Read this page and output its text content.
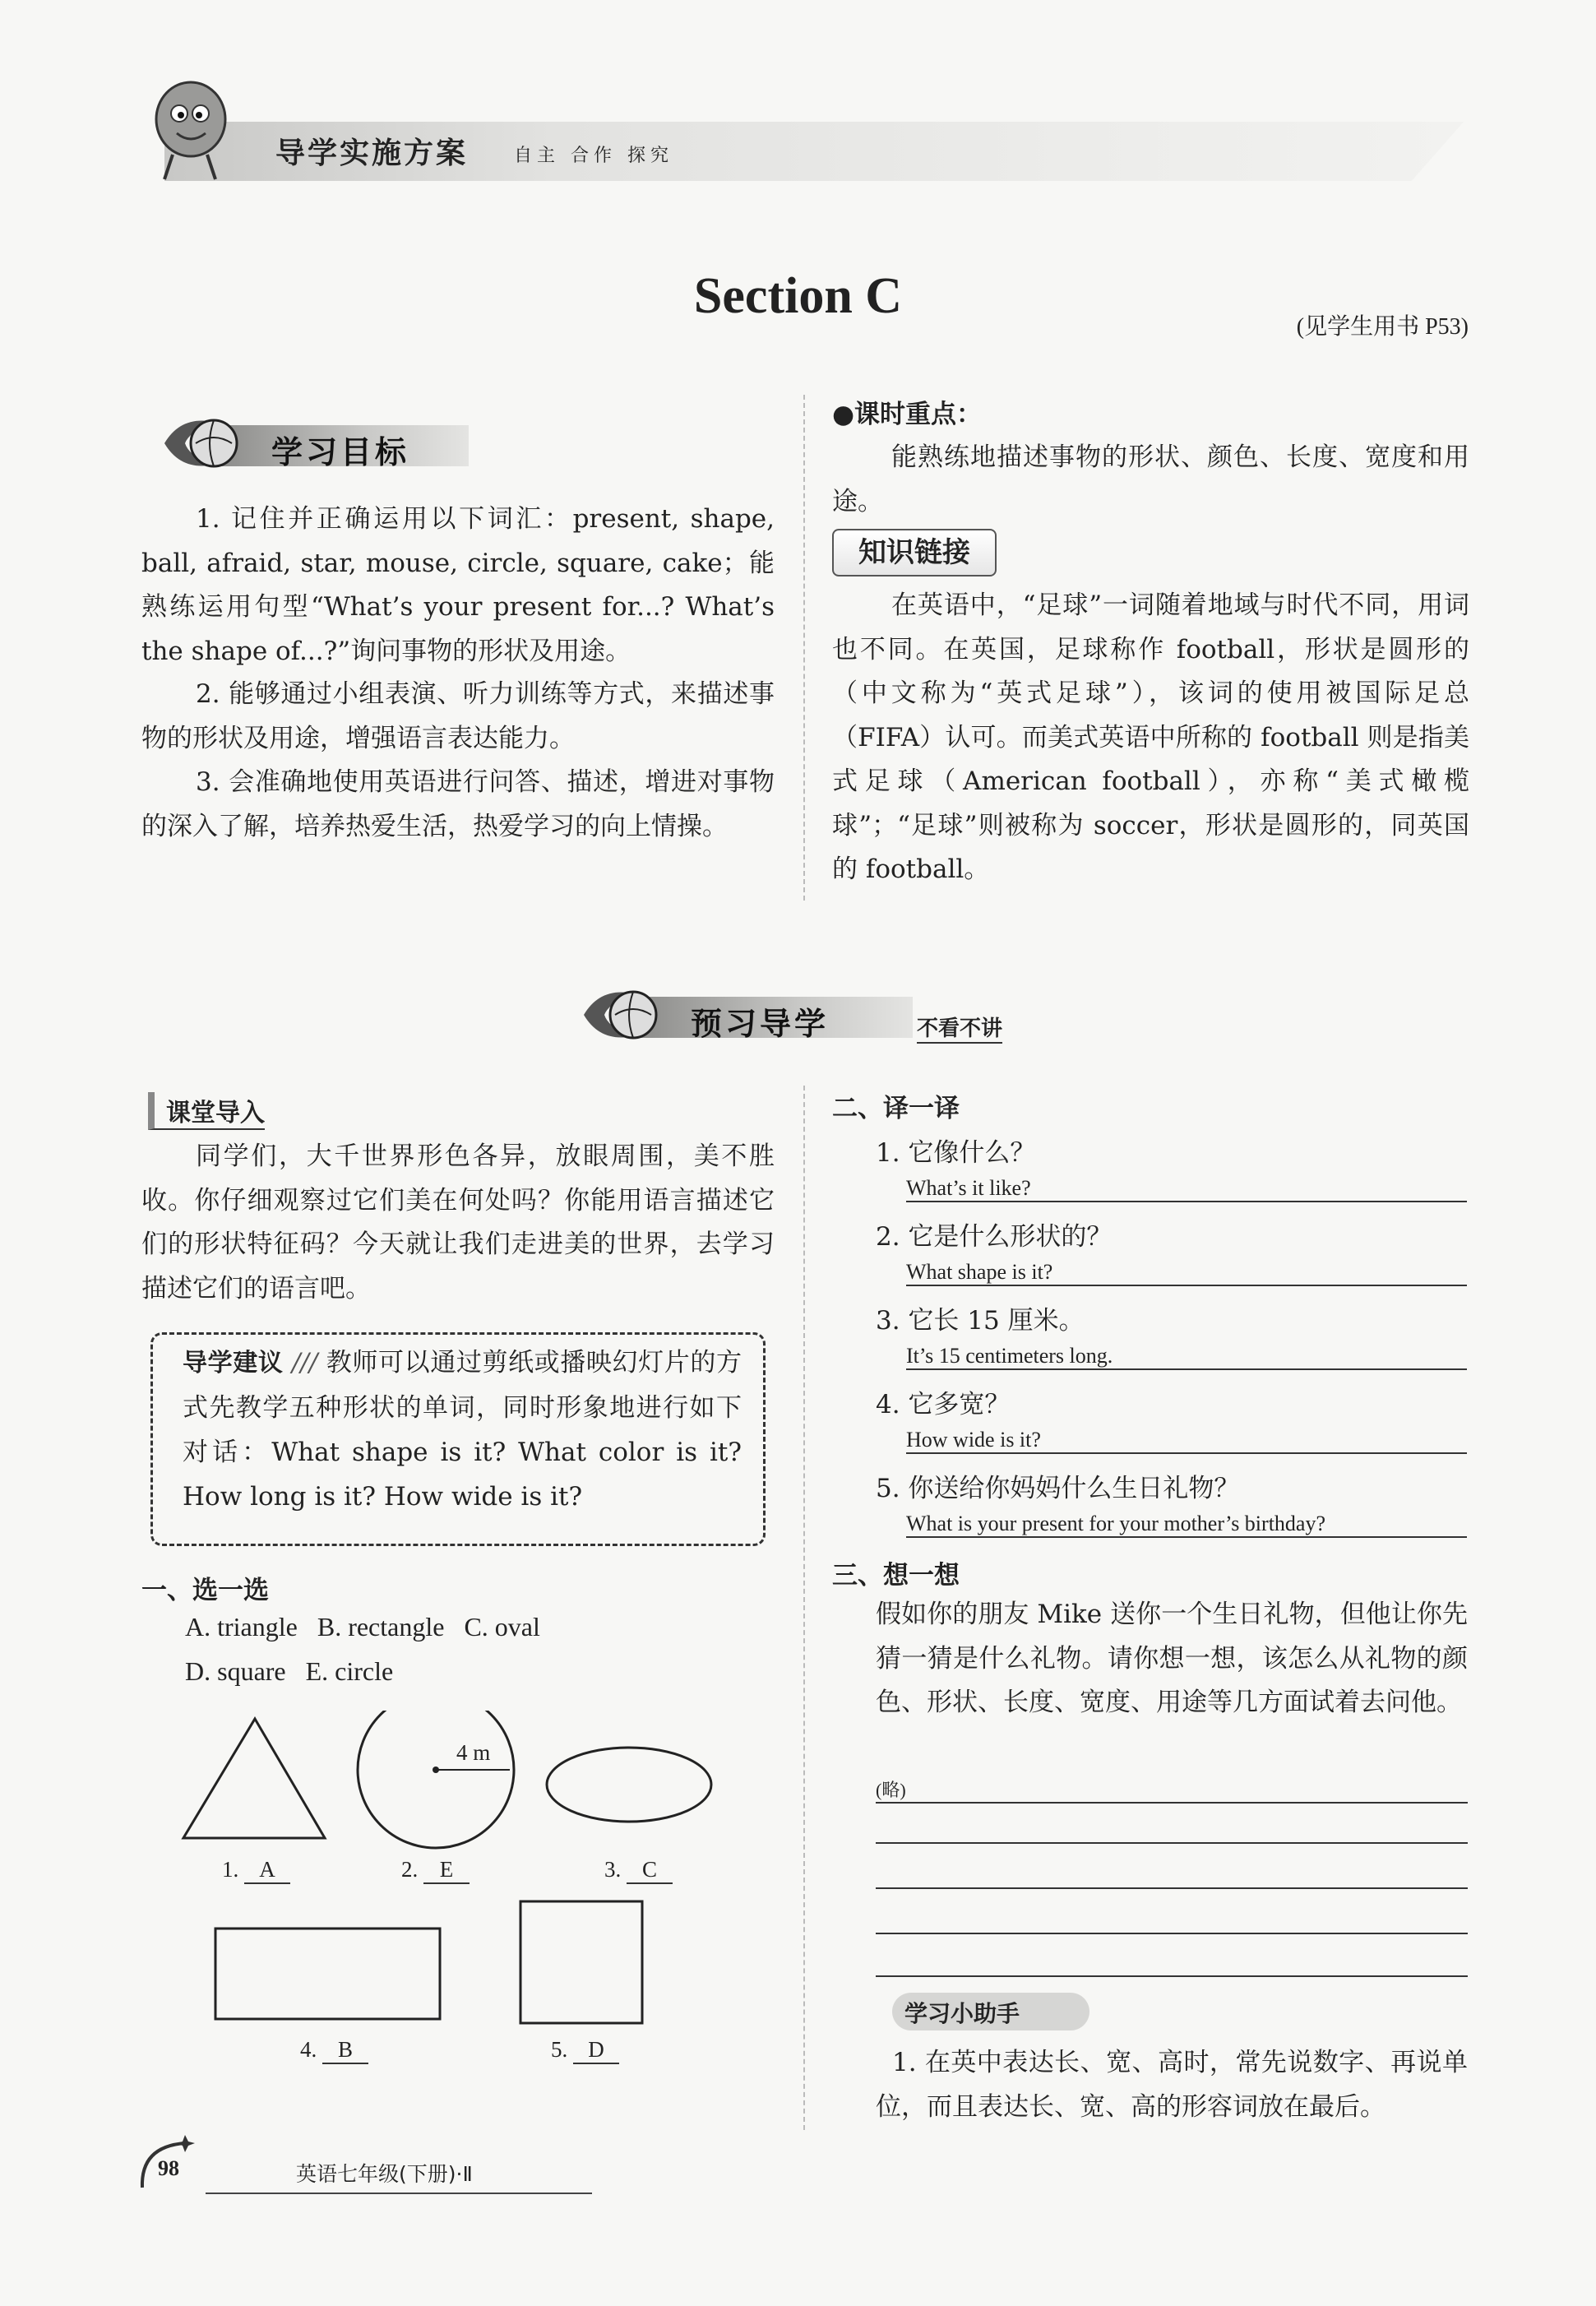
导学实施方案	自主 合作 探究
Section C
(见学生用书 P53)
学习目标
1. 记住并正确运用以下词汇：present, shape, ball, afraid, star, mouse, circle, square, cake；能熟练运用句型“What’s your present for...? What’s the shape of...?”询问事物的形状及用途。
2. 能够通过小组表演、听力训练等方式，来描述事物的形状及用途，增强语言表达能力。
3. 会准确地使用英语进行问答、描述，增进对事物的深入了解，培养热爱生活，热爱学习的向上情操。
●课时重点：
能熟练地描述事物的形状、颜色、长度、宽度和用途。
知识链接
在英语中，“足球”一词随着地域与时代不同，用词也不同。在英国，足球称作 football，形状是圆形的（中文称为“英式足球”），该词的使用被国际足总（FIFA）认可。而美式英语中所称的 football 则是指美式足球（American football），亦称“美式橄榄球”；“足球”则被称为 soccer，形状是圆形的，同英国的 football。
预习导学	不看不讲
课堂导入
同学们，大千世界形色各异，放眼周围，美不胜收。你仔细观察过它们美在何处吗？你能用语言描述它们的形状特征码？今天就让我们走进美的世界，去学习描述它们的语言吧。
导学建议 /// 教师可以通过剪纸或播映幻灯片的方式先教学五种形状的单词，同时形象地进行如下对话：What shape is it? What color is it? How long is it? How wide is it?
一、选一选
A. triangle   B. rectangle   C. oval
D. square   E. circle
4 m
1. A	2. E	3. C
4. B	5. D
二、译一译
1. 它像什么？
What’s it like?
2. 它是什么形状的？
What shape is it?
3. 它长 15 厘米。
It’s 15 centimeters long.
4. 它多宽？
How wide is it?
5. 你送给你妈妈什么生日礼物？
What is your present for your mother’s birthday?
三、想一想
假如你的朋友 Mike 送你一个生日礼物，但他让你先猜一猜是什么礼物。请你想一想，该怎么从礼物的颜色、形状、长度、宽度、用途等几方面试着去问他。
(略)
学习小助手
1. 在英中表达长、宽、高时，常先说数字、再说单位，而且表达长、宽、高的形容词放在最后。
98	英语七年级(下册)·Ⅱ
